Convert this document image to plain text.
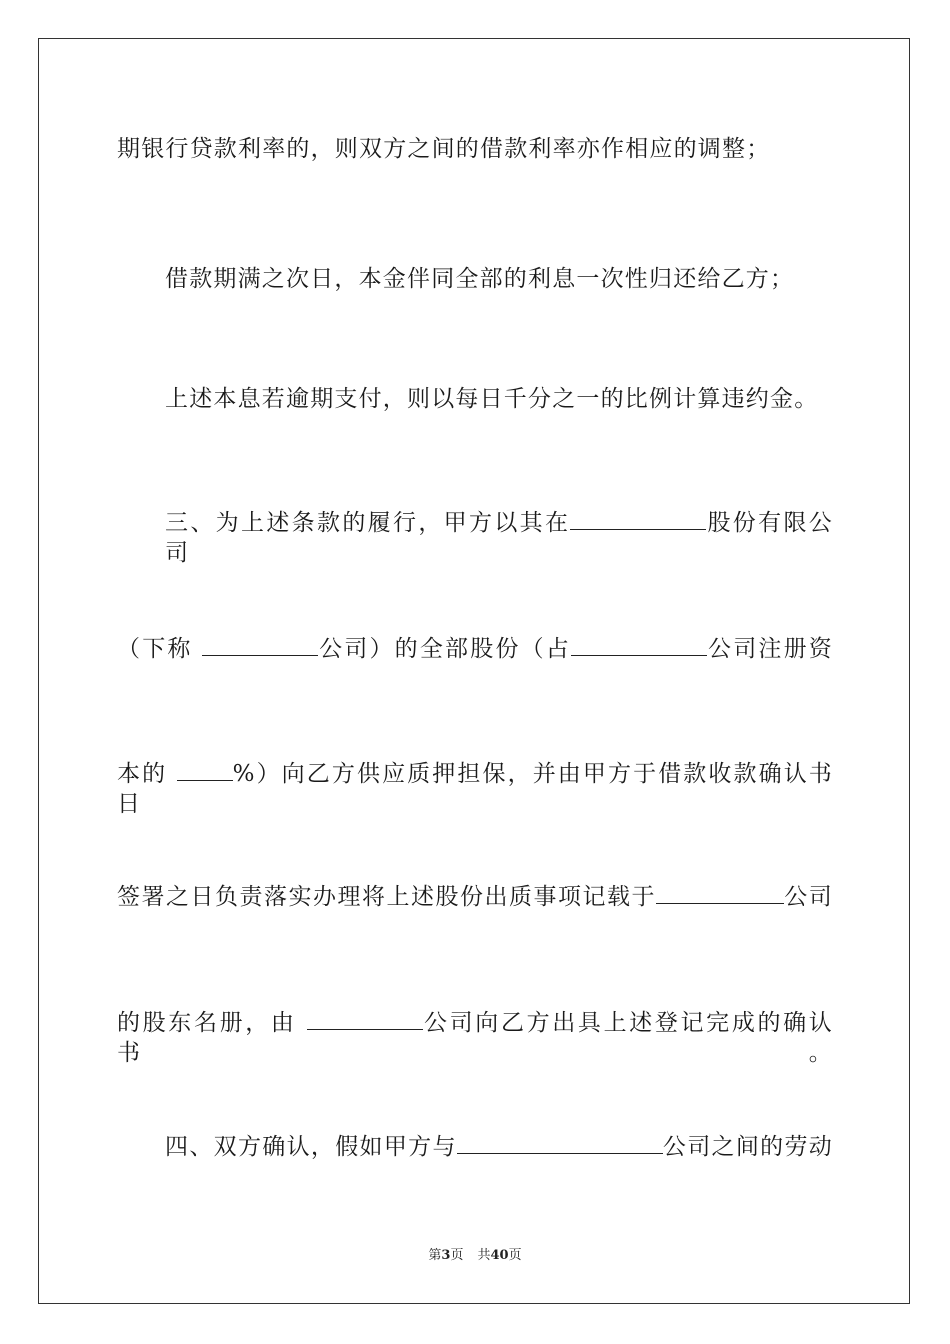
期银行贷款利率的，则双方之间的借款利率亦作相应的调整；
借款期满之次日，本金伴同全部的利息一次性归还给乙方；
上述本息若逾期支付，则以每日千分之一的比例计算违约金。
三、为上述条款的履行，甲方以其在	股份有限公司
（下称	公司）的全部股份（占	公司注册资
本的 %）向乙方供应质押担保，并由甲方于借款收款确认书日
签署之日负责落实办理将上述股份出质事项记载于	公司
的股东名册，由	公司向乙方出具上述登记完成的确认书。
四、双方确认，假如甲方与	公司之间的劳动
第3页 共40页
